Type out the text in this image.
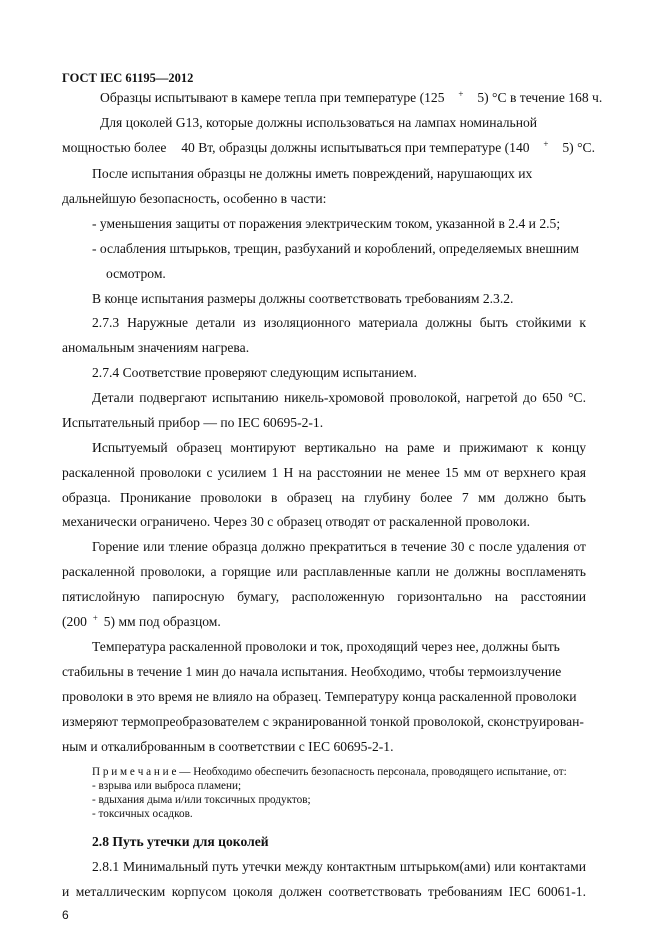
ГОСТ IEC 61195—2012
Образцы испытывают в камере тепла при температуре (125 + 5) °С в течение 168 ч.
Для цоколей G13, которые должны использоваться на лампах номинальной
мощностью более 40 Вт, образцы должны испытываться при температуре (140 + 5) °С.
После испытания образцы не должны иметь повреждений, нарушающих их
дальнейшую безопасность, особенно в части:
- уменьшения защиты от поражения электрическим током, указанной в 2.4 и 2.5;
- ослабления штырьков, трещин, разбуханий и короблений, определяемых внешним
осмотром.
В конце испытания размеры должны соответствовать требованиям 2.3.2.
2.7.3 Наружные детали из изоляционного материала должны быть стойкими к
аномальным значениям нагрева.
2.7.4 Соответствие проверяют следующим испытанием.
Детали подвергают испытанию никель-хромовой проволокой, нагретой до 650 °С.
Испытательный прибор — по IEC 60695-2-1.
Испытуемый образец монтируют вертикально на раме и прижимают к концу
раскаленной проволоки с усилием 1 Н на расстоянии не менее 15 мм от верхнего края
образца. Проникание проволоки в образец на глубину более 7 мм должно быть
механически ограничено. Через 30 с образец отводят от раскаленной проволоки.
Горение или тление образца должно прекратиться в течение 30 с после удаления от
раскаленной проволоки, а горящие или расплавленные капли не должны воспламенять
пятислойную папиросную бумагу, расположенную горизонтально на расстоянии
(200 + 5) мм под образцом.
Температура раскаленной проволоки и ток, проходящий через нее, должны быть
стабильны в течение 1 мин до начала испытания. Необходимо, чтобы термоизлучение
проволоки в это время не влияло на образец. Температуру конца раскаленной проволоки
измеряют термопреобразователем с экранированной тонкой проволокой, сконструирован-
ным и откалиброванным в соответствии с IEC 60695-2-1.
П р и м е ч а н и е — Необходимо обеспечить безопасность персонала, проводящего испытание, от:
- взрыва или выброса пламени;
- вдыхания дыма и/или токсичных продуктов;
- токсичных осадков.
2.8 Путь утечки для цоколей
2.8.1 Минимальный путь утечки между контактным штырьком(ами) или контактами
и металлическим корпусом цоколя должен соответствовать требованиям IEC 60061-1.
6
